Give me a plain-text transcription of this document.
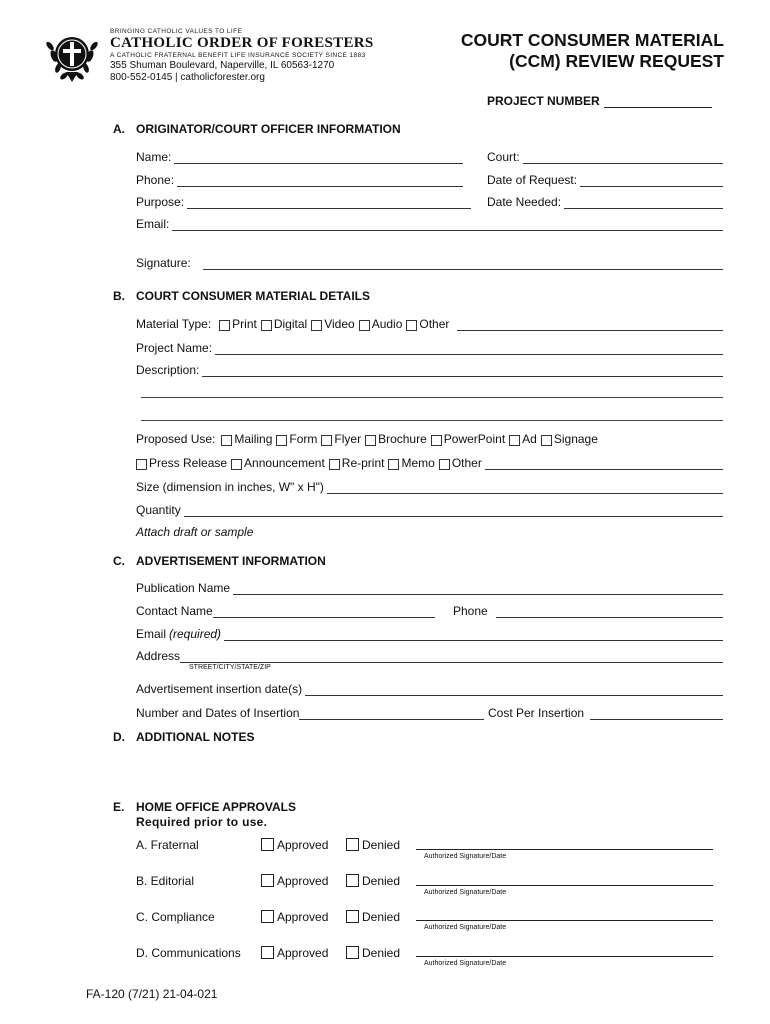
BRINGING CATHOLIC VALUES TO LIFE
CATHOLIC ORDER OF FORESTERS
A CATHOLIC FRATERNAL BENEFIT LIFE INSURANCE SOCIETY SINCE 1883
355 Shuman Boulevard, Naperville, IL 60563-1270
800-552-0145 | catholicforester.org
COURT CONSUMER MATERIAL
(CCM) REVIEW REQUEST
PROJECT NUMBER
A. ORIGINATOR/COURT OFFICER INFORMATION
Name:	Court:
Phone:	Date of Request:
Purpose:	Date Needed:
Email:
Signature:
B. COURT CONSUMER MATERIAL DETAILS
Material Type: Print Digital Video Audio Other
Project Name:
Description:
Proposed Use: Mailing Form Flyer Brochure PowerPoint Ad Signage
Press Release Announcement Re-print Memo Other
Size (dimension in inches, W" x H")
Quantity
Attach draft or sample
C. ADVERTISEMENT INFORMATION
Publication Name
Contact Name	Phone
Email (required)
Address
STREET/CITY/STATE/ZIP
Advertisement insertion date(s)
Number and Dates of Insertion	Cost Per Insertion
D. ADDITIONAL NOTES
E. HOME OFFICE APPROVALS
Required prior to use.
A. Fraternal	Approved	Denied
Authorized Signature/Date
B. Editorial	Approved	Denied
Authorized Signature/Date
C. Compliance	Approved	Denied
Authorized Signature/Date
D. Communications	Approved	Denied
Authorized Signature/Date
FA-120 (7/21) 21-04-021
